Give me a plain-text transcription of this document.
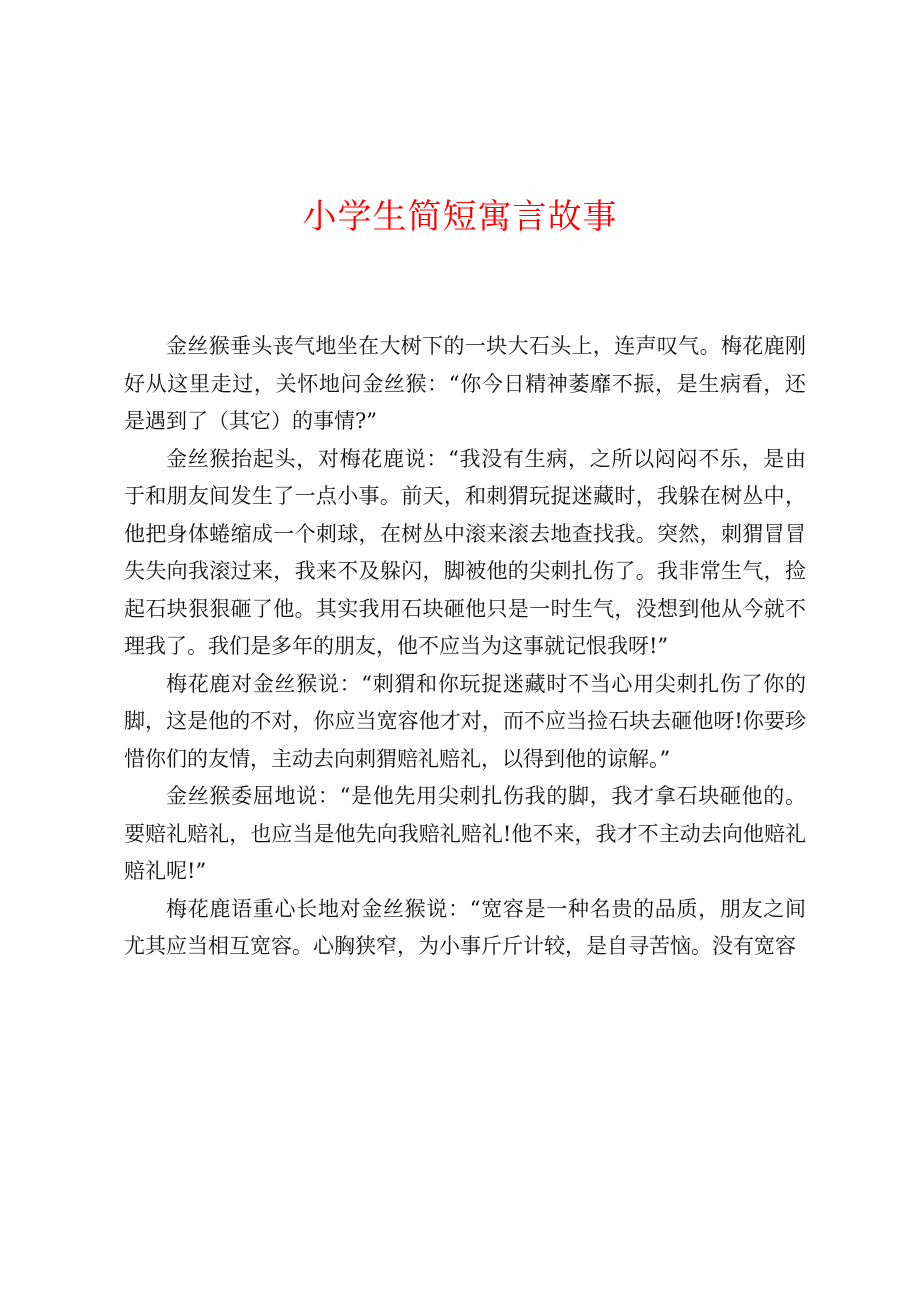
小学生简短寓言故事

金丝猴垂头丧气地坐在大树下的一块大石头上，连声叹气。梅花鹿刚好从这里走过，关怀地问金丝猴：“你今日精神萎靡不振，是生病看，还是遇到了（其它）的事情?”

金丝猴抬起头，对梅花鹿说：“我没有生病，之所以闷闷不乐，是由于和朋友间发生了一点小事。前天，和刺猬玩捉迷藏时，我躲在树丛中，他把身体蜷缩成一个刺球，在树丛中滚来滚去地查找我。突然，刺猬冒冒失失向我滚过来，我来不及躲闪，脚被他的尖刺扎伤了。我非常生气，捡起石块狠狠砸了他。其实我用石块砸他只是一时生气，没想到他从今就不理我了。我们是多年的朋友，他不应当为这事就记恨我呀!”

梅花鹿对金丝猴说：“刺猬和你玩捉迷藏时不当心用尖刺扎伤了你的脚，这是他的不对，你应当宽容他才对，而不应当捡石块去砸他呀!你要珍惜你们的友情，主动去向刺猬赔礼赔礼，以得到他的谅解。”

金丝猴委屈地说：“是他先用尖刺扎伤我的脚，我才拿石块砸他的。要赔礼赔礼，也应当是他先向我赔礼赔礼!他不来，我才不主动去向他赔礼赔礼呢!”

梅花鹿语重心长地对金丝猴说：“宽容是一种名贵的品质，朋友之间尤其应当相互宽容。心胸狭窄，为小事斤斤计较，是自寻苦恼。没有宽容
